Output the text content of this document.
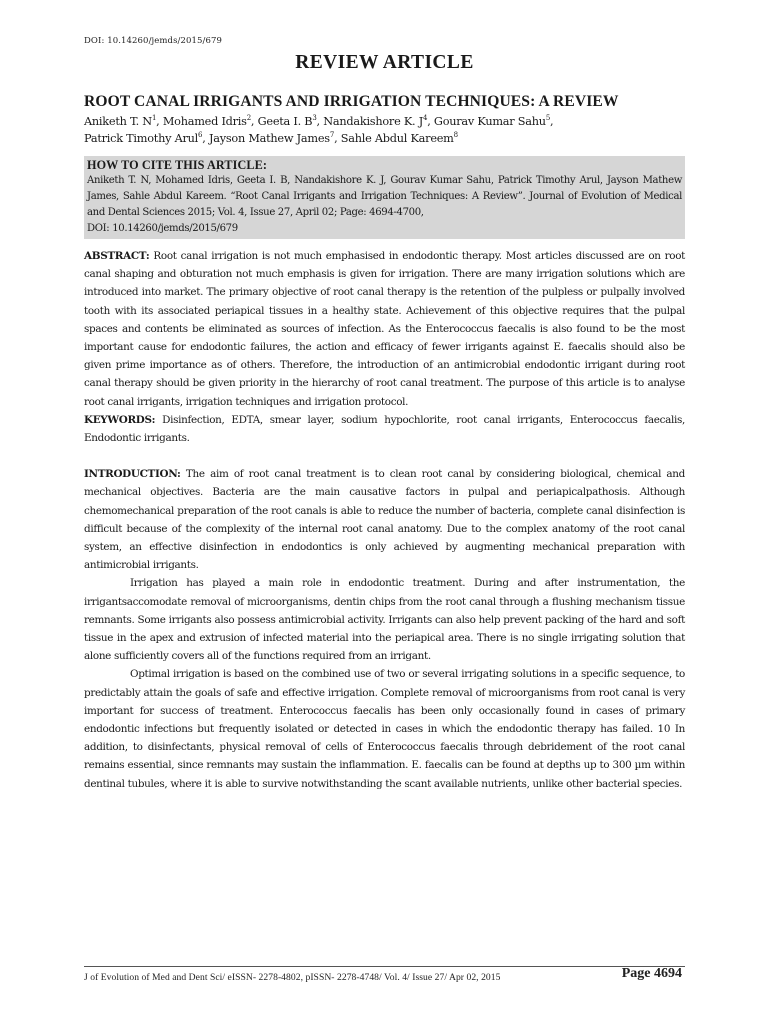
DOI: 10.14260/jemds/2015/679
REVIEW ARTICLE
ROOT CANAL IRRIGANTS AND IRRIGATION TECHNIQUES: A REVIEW
Aniketh T. $N^1$, Mohamed Idris$^2$, Geeta I. $B^3$, Nandakishore K. $J^4$, Gourav Kumar Sahu$^5$,
Patrick Timothy Arul$^6$, Jayson Mathew James$^7$, Sahle Abdul Kareem$^8$

HOW TO CITE THIS ARTICLE:

Aniketh T. N, Mohamed Idris, Geeta I. B, Nandakishore K. J, Gourav Kumar Sahu, Patrick Timothy Arul, Jayson Mathew James, Sahle Abdul Kareem. “Root Canal Irrigants and Irrigation Techniques: A Review”. Journal of Evolution of Medical and Dental Sciences 2015; Vol. 4, Issue 27, April 02; Page: 4694-4700,
DOI: 10.14260/jemds/2015/679

ABSTRACT: Root canal irrigation is not much emphasised in endodontic therapy. Most articles discussed are on root canal shaping and obturation not much emphasis is given for irrigation. There are many irrigation solutions which are introduced into market. The primary objective of root canal therapy is the retention of the pulpless or pulpally involved tooth with its associated periapical tissues in a healthy state. Achievement of this objective requires that the pulpal spaces and contents be eliminated as sources of infection. As the Enterococcus faecalis is also found to be the most important cause for endodontic failures, the action and efficacy of fewer irrigants against E. faecalis should also be given prime importance as of others. Therefore, the introduction of an antimicrobial endodontic irrigant during root canal therapy should be given priority in the hierarchy of root canal treatment. The purpose of this article is to analyse root canal irrigants, irrigation techniques and irrigation protocol.

KEYWORDS: Disinfection, EDTA, smear layer, sodium hypochlorite, root canal irrigants, Enterococcus faecalis, Endodontic irrigants.

INTRODUCTION: The aim of root canal treatment is to clean root canal by considering biological, chemical and mechanical objectives. Bacteria are the main causative factors in pulpal and periapicalpathosis. Although chemomechanical preparation of the root canals is able to reduce the number of bacteria, complete canal disinfection is difficult because of the complexity of the internal root canal anatomy. Due to the complex anatomy of the root canal system, an effective disinfection in endodontics is only achieved by augmenting mechanical preparation with antimicrobial irrigants.

Irrigation has played a main role in endodontic treatment. During and after instrumentation, the irrigantsaccomodate removal of microorganisms, dentin chips from the root canal through a flushing mechanism tissue remnants. Some irrigants also possess antimicrobial activity. Irrigants can also help prevent packing of the hard and soft tissue in the apex and extrusion of infected material into the periapical area. There is no single irrigating solution that alone sufficiently covers all of the functions required from an irrigant.

Optimal irrigation is based on the combined use of two or several irrigating solutions in a specific sequence, to predictably attain the goals of safe and effective irrigation. Complete removal of microorganisms from root canal is very important for success of treatment. Enterococcus faecalis has been only occasionally found in cases of primary endodontic infections but frequently isolated or detected in cases in which the endodontic therapy has failed. 10 In addition, to disinfectants, physical removal of cells of Enterococcus faecalis through debridement of the root canal remains essential, since remnants may sustain the inflammation. E. faecalis can be found at depths up to 300 µm within dentinal tubules, where it is able to survive notwithstanding the scant available nutrients, unlike other bacterial species.

J of Evolution of Med and Dent Sci/ eISSN- 2278-4802, pISSN- 2278-4748/ Vol. 4/ Issue 27/ Apr 02, 2015	Page 4694
